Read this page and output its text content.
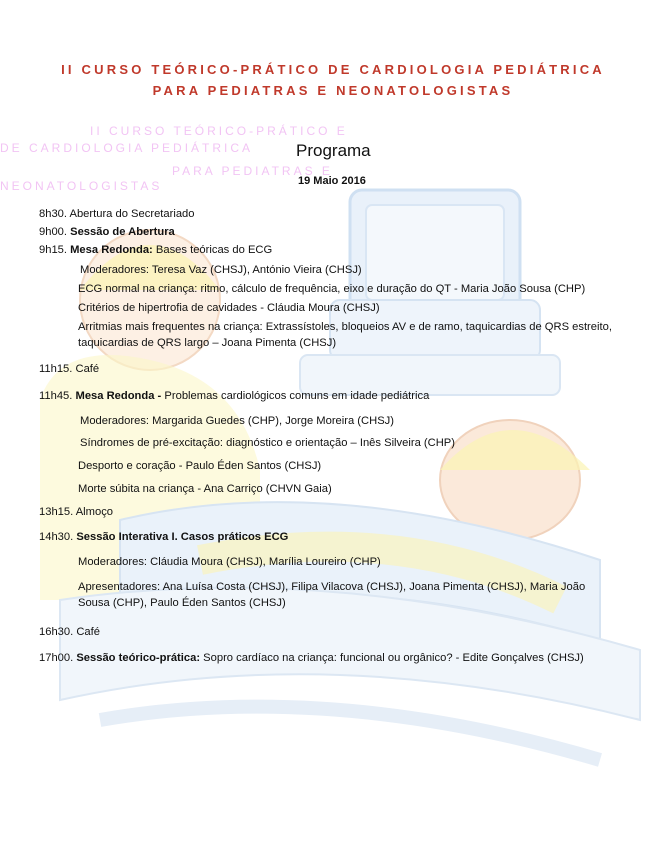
II CURSO TEÓRICO-PRÁTICO E
DE CARDIOLOGIA PEDIÁTRICA
PARA PEDIATRAS E
NEONATOLOGISTAS
II CURSO TEÓRICO-PRÁTICO DE CARDIOLOGIA PEDIÁTRICA
PARA PEDIATRAS E NEONATOLOGISTAS
Programa
19 Maio 2016
8h30. Abertura do Secretariado
9h00. Sessão de Abertura
9h15. Mesa Redonda: Bases teóricas do ECG
Moderadores: Teresa Vaz (CHSJ), António Vieira (CHSJ)
ECG normal na criança: ritmo, cálculo de frequência, eixo e duração do QT - Maria João Sousa (CHP)
Critérios de hipertrofia de cavidades - Cláudia Moura (CHSJ)
Arritmias mais frequentes na criança: Extrassístoles, bloqueios AV e de ramo, taquicardias de QRS estreito, taquicardias de QRS largo – Joana Pimenta (CHSJ)
11h15. Café
11h45. Mesa Redonda - Problemas cardiológicos comuns em idade pediátrica
Moderadores: Margarida Guedes (CHP), Jorge Moreira (CHSJ)
Síndromes de pré-excitação: diagnóstico e orientação – Inês Silveira (CHP)
Desporto e coração - Paulo Éden Santos (CHSJ)
Morte súbita na criança - Ana Carriço (CHVN Gaia)
13h15. Almoço
14h30. Sessão Interativa I. Casos práticos ECG
Moderadores: Cláudia Moura (CHSJ), Marília Loureiro (CHP)
Apresentadores: Ana Luísa Costa (CHSJ), Filipa Vilacova (CHSJ), Joana Pimenta (CHSJ), Maria João Sousa (CHP), Paulo Éden Santos (CHSJ)
16h30. Café
17h00. Sessão teórico-prática: Sopro cardíaco na criança: funcional ou orgânico? - Edite Gonçalves (CHSJ)
